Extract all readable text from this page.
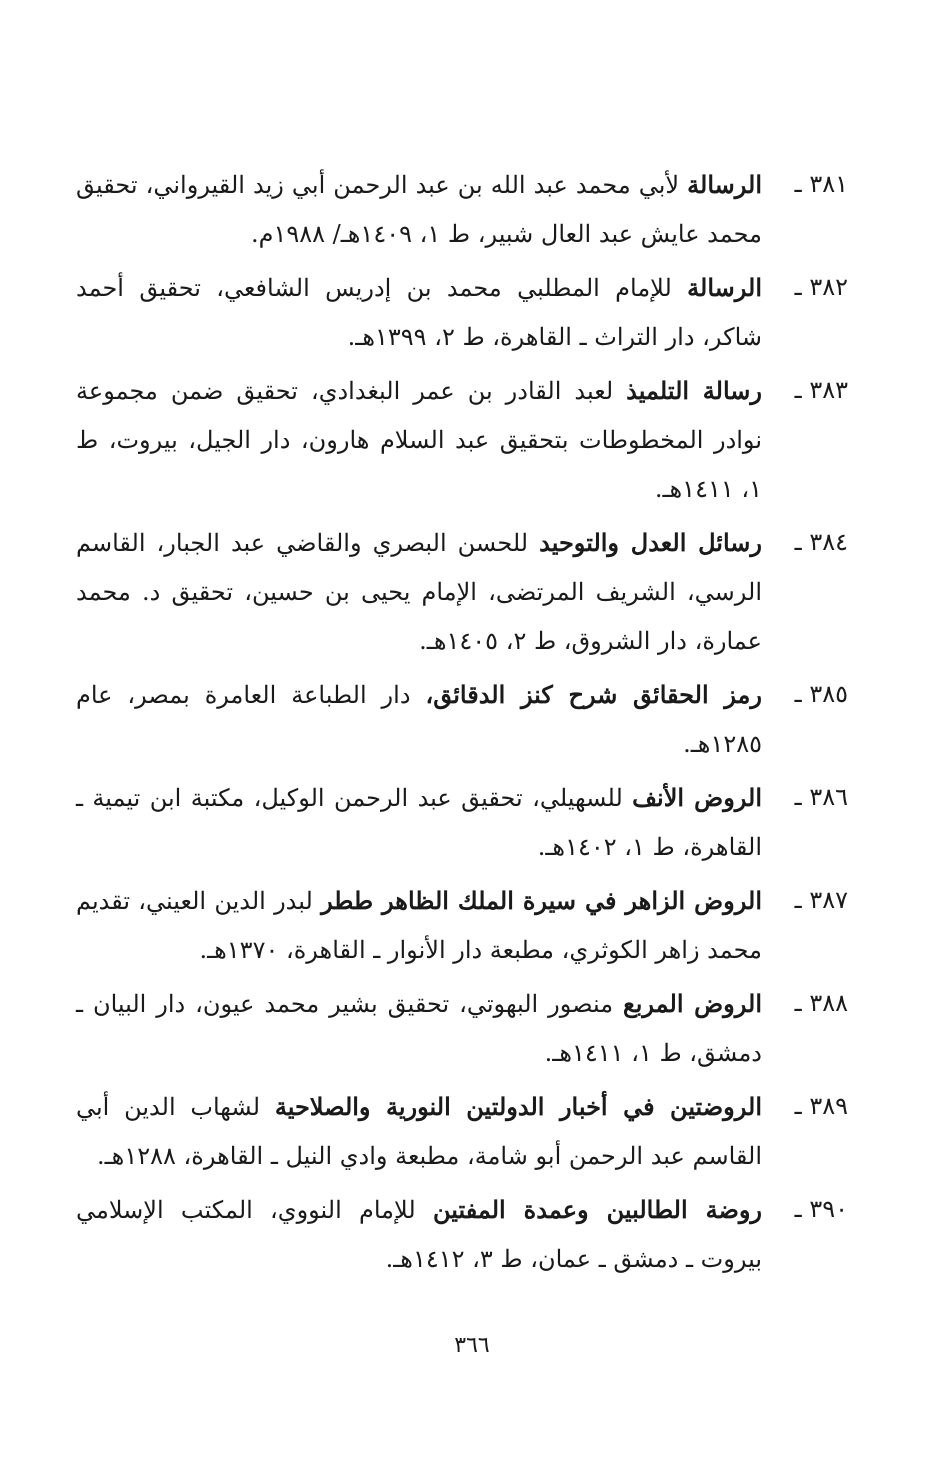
٣٨١ ـ
الرسالة لأبي محمد عبد الله بن عبد الرحمن أبي زيد القيرواني، تحقيق محمد عايش عبد العال شبير، ط ١، ١٤٠٩هـ/ ١٩٨٨م.
٣٨٢ ـ
الرسالة للإمام المطلبي محمد بن إدريس الشافعي، تحقيق أحمد شاكر، دار التراث ـ القاهرة، ط ٢، ١٣٩٩هـ.
٣٨٣ ـ
رسالة التلميذ لعبد القادر بن عمر البغدادي، تحقيق ضمن مجموعة نوادر المخطوطات بتحقيق عبد السلام هارون، دار الجيل، بيروت، ط ١، ١٤١١هـ.
٣٨٤ ـ
رسائل العدل والتوحيد للحسن البصري والقاضي عبد الجبار، القاسم الرسي، الشريف المرتضى، الإمام يحيى بن حسين، تحقيق د. محمد عمارة، دار الشروق، ط ٢، ١٤٠٥هـ.
٣٨٥ ـ
رمز الحقائق شرح كنز الدقائق، دار الطباعة العامرة بمصر، عام ١٢٨٥هـ.
٣٨٦ ـ
الروض الأنف للسهيلي، تحقيق عبد الرحمن الوكيل، مكتبة ابن تيمية ـ القاهرة، ط ١، ١٤٠٢هـ.
٣٨٧ ـ
الروض الزاهر في سيرة الملك الظاهر ططر لبدر الدين العيني، تقديم محمد زاهر الكوثري، مطبعة دار الأنوار ـ القاهرة، ١٣٧٠هـ.
٣٨٨ ـ
الروض المربع منصور البهوتي، تحقيق بشير محمد عيون، دار البيان ـ دمشق، ط ١، ١٤١١هـ.
٣٨٩ ـ
الروضتين في أخبار الدولتين النورية والصلاحية لشهاب الدين أبي القاسم عبد الرحمن أبو شامة، مطبعة وادي النيل ـ القاهرة، ١٢٨٨هـ.
٣٩٠ ـ
روضة الطالبين وعمدة المفتين للإمام النووي، المكتب الإسلامي بيروت ـ دمشق ـ عمان، ط ٣، ١٤١٢هـ.
٣٦٦
